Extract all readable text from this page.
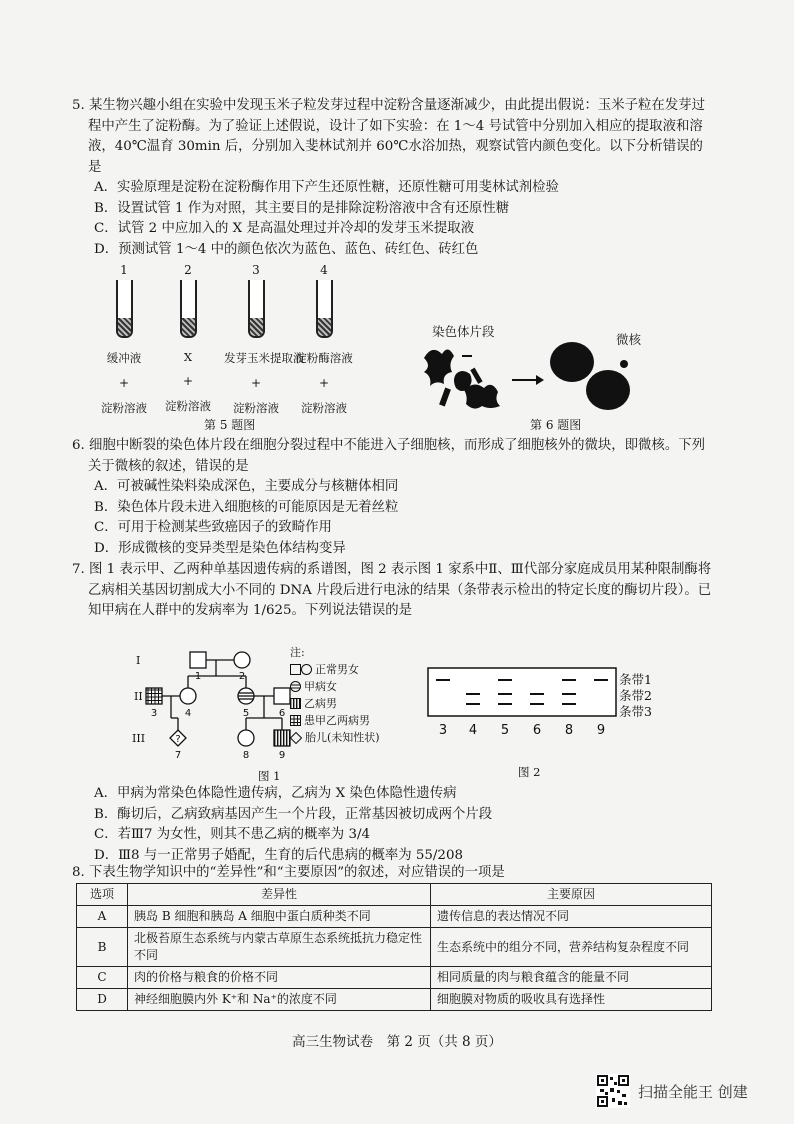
5. 某生物兴趣小组在实验中发现玉米子粒发芽过程中淀粉含量逐渐减少，由此提出假说：玉米子粒在发芽过程中产生了淀粉酶。为了验证上述假说，设计了如下实验：在 1～4 号试管中分别加入相应的提取液和溶液，40℃温育 30min 后，分别加入斐林试剂并 60℃水浴加热，观察试管内颜色变化。以下分析错误的是

A．实验原理是淀粉在淀粉酶作用下产生还原性糖，还原性糖可用斐林试剂检验

B．设置试管 1 作为对照，其主要目的是排除淀粉溶液中含有还原性糖

C．试管 2 中应加入的 X 是高温处理过并冷却的发芽玉米提取液

D．预测试管 1～4 中的颜色依次为蓝色、蓝色、砖红色、砖红色

1
缓冲液
+
淀粉溶液
2
X
+
淀粉溶液
3
发芽玉米提取液
+
淀粉溶液
4
淀粉酶溶液
+
淀粉溶液
第 5 题图
染色体片段
微核
第 6 题图

6. 细胞中断裂的染色体片段在细胞分裂过程中不能进入子细胞核，而形成了细胞核外的微块，即微核。下列关于微核的叙述，错误的是

A．可被碱性染料染成深色，主要成分与核糖体相同

B．染色体片段未进入细胞核的可能原因是无着丝粒

C．可用于检测某些致癌因子的致畸作用

D．形成微核的变异类型是染色体结构变异

7. 图 1 表示甲、乙两种单基因遗传病的系谱图，图 2 表示图 1 家系中Ⅱ、Ⅲ代部分家庭成员用某种限制酶将乙病相关基因切割成大小不同的 DNA 片段后进行电泳的结果（条带表示检出的特定长度的酶切片段）。已知甲病在人群中的发病率为 1/625。下列说法错误的是

?
I
II
III
1	2
3	4	5	6
7	8	9
图 1
注:
正常男女
甲病女
乙病男
患甲乙两病男
胎儿(未知性状)	3 4 5 6 8 9
条带1
条带2
条带3
图 2

A．甲病为常染色体隐性遗传病，乙病为 X 染色体隐性遗传病

B．酶切后，乙病致病基因产生一个片段，正常基因被切成两个片段

C．若Ⅲ7 为女性，则其不患乙病的概率为 3/4

D．Ⅲ8 与一正常男子婚配，生育的后代患病的概率为 55/208

8. 下表生物学知识中的“差异性”和“主要原因”的叙述，对应错误的一项是

选项	差异性	主要原因
A	胰岛 B 细胞和胰岛 A 细胞中蛋白质种类不同	遗传信息的表达情况不同
B	北极苔原生态系统与内蒙古草原生态系统抵抗力稳定性不同	生态系统中的组分不同，营养结构复杂程度不同
C	肉的价格与粮食的价格不同	相同质量的肉与粮食蕴含的能量不同
D	神经细胞膜内外 K⁺和 Na⁺的浓度不同	细胞膜对物质的吸收具有选择性
高三生物试卷　第 2 页（共 8 页）
扫描全能王 创建
